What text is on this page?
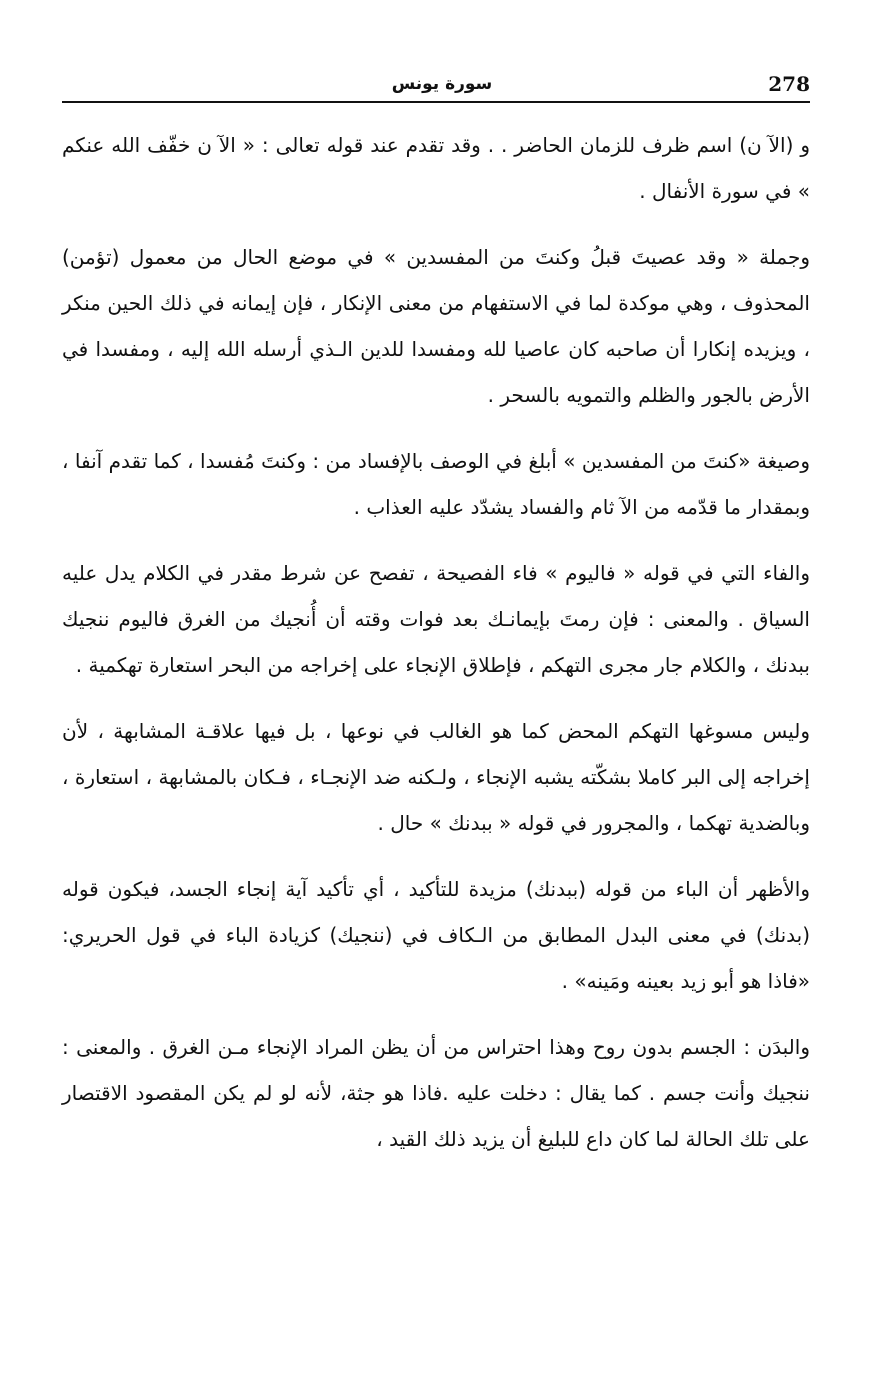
278
سورة يونس

و (الآ ن) اسم ظرف للزمان الحاضر . . وقد تقدم عند قوله تعالى : « الآ ن خفّف الله عنكم » في سورة الأنفال .

وجملة « وقد عصيتَ قبلُ وكنتَ من المفسدين » في موضع الحال من معمول (تؤمن) المحذوف ، وهي موكدة لما في الاستفهام من معنى الإنكار ، فإن إيمانه في ذلك الحين منكر ، ويزيده إنكارا أن صاحبه كان عاصيا لله ومفسدا للدين الـذي أرسله الله إليه ، ومفسدا في الأرض بالجور والظلم والتمويه بالسحر .

وصيغة «كنتَ من المفسدين » أبلغ في الوصف بالإفساد من : وكنتَ مُفسدا ، كما تقدم آنفا ، وبمقدار ما قدّمه من الآ ثام والفساد يشدّد عليه العذاب .

والفاء التي في قوله « فاليوم » فاء الفصيحة ، تفصح عن شرط مقدر في الكلام يدل عليه السياق . والمعنى : فإن رمتَ بإيمانـك بعد فوات وقته أن أُنجيك من الغرق فاليوم ننجيك ببدنك ، والكلام جار مجرى التهكم ، فإطلاق الإنجاء على إخراجه من البحر استعارة تهكمية .

وليس مسوغها التهكم المحض كما هو الغالب في نوعها ، بل فيها علاقـة المشابهة ، لأن إخراجه إلى البر كاملا بشكّته يشبه الإنجاء ، ولـكنه ضد الإنجـاء ، فـكان بالمشابهة ، استعارة ، وبالضدية تهكما ، والمجرور في قوله « ببدنك » حال .

والأظهر أن الباء من قوله (ببدنك) مزيدة للتأكيد ، أي تأكيد آية إنجاء الجسد، فيكون قوله (بدنك) في معنى البدل المطابق من الـكاف في (ننجيك) كزيادة الباء في قول الحريري: «فاذا هو أبو زيد بعينه ومَينه» .

والبدَن : الجسم بدون روح وهذا احتراس من أن يظن المراد الإنجاء مـن الغرق . والمعنى : ننجيك وأنت جسم . كما يقال : دخلت عليه .فاذا هو جثة، لأنه لو لم يكن المقصود الاقتصار على تلك الحالة لما كان داع للبليغ أن يزيد ذلك القيد ،
